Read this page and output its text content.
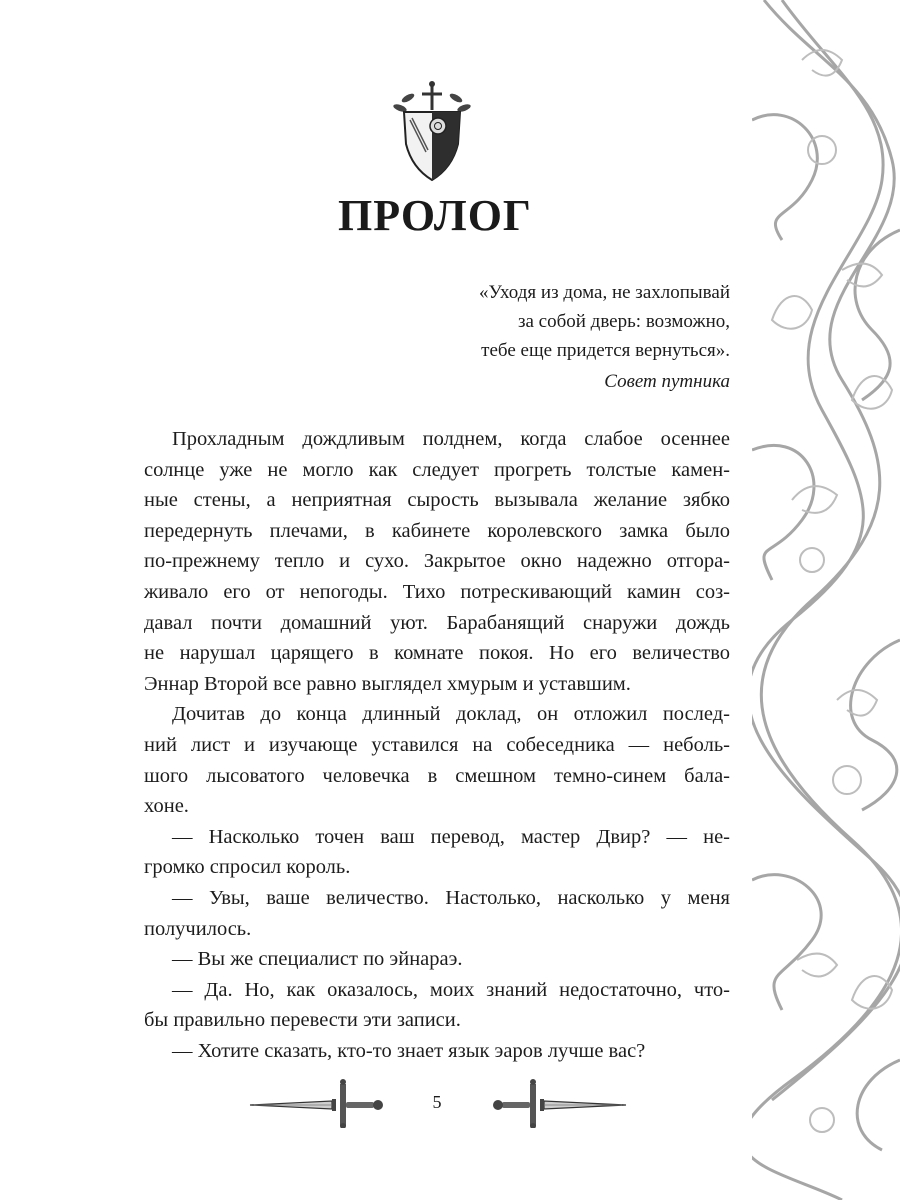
ПРОЛОГ
«Уходя из дома, не захлопывай
за собой дверь: возможно,
тебе еще придется вернуться».
Совет путника
Прохладным дождливым полднем, когда слабое осеннее
солнце уже не могло как следует прогреть толстые камен-
ные стены, а неприятная сырость вызывала желание зябко
передернуть плечами, в кабинете королевского замка было
по-прежнему тепло и сухо. Закрытое окно надежно отгора-
живало его от непогоды. Тихо потрескивающий камин соз-
давал почти домашний уют. Барабанящий снаружи дождь
не нарушал царящего в комнате покоя. Но его величество
Эннар Второй все равно выглядел хмурым и уставшим.
Дочитав до конца длинный доклад, он отложил послед-
ний лист и изучающе уставился на собеседника — неболь-
шого лысоватого человечка в смешном темно-синем бала-
хоне.
— Насколько точен ваш перевод, мастер Двир? — не-
громко спросил король.
— Увы, ваше величество. Настолько, насколько у меня
получилось.
— Вы же специалист по эйнараэ.
— Да. Но, как оказалось, моих знаний недостаточно, что-
бы правильно перевести эти записи.
— Хотите сказать, кто-то знает язык эаров лучше вас?
5
